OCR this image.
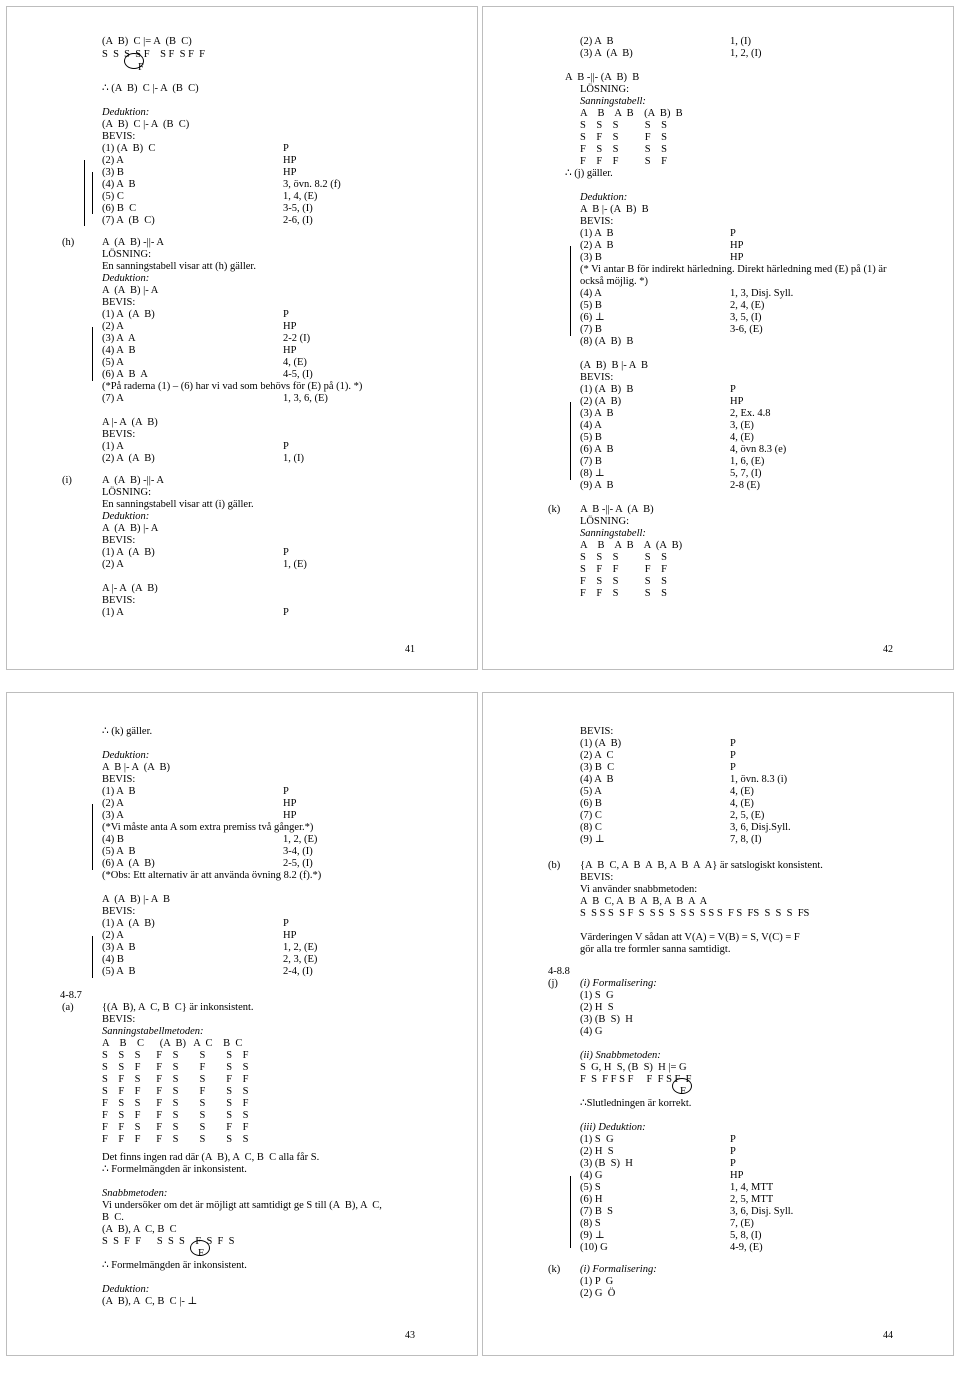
(A  B)  C |= A  (B  C)
S  S  S  S F    S F  S F  F
F
∴ (A  B)  C |- A  (B  C)
Deduktion:
(A  B)  C |- A  (B  C)
BEVIS:
(1) (A  B)  C	P
(2) A	HP
(3) B	HP
(4) A  B	3, övn. 8.2 (f)
(5) C	1, 4, (E)
(6) B  C	3-5, (I)
(7) A  (B  C)	2-6, (I)
(h)	A  (A  B) -||- A
LÖSNING:
En sanningstabell visar att (h) gäller.
Deduktion:
A  (A  B) |- A
BEVIS:
(1) A  (A  B)	P
(2) A	HP
(3) A  A	2-2 (I)
(4) A  B	HP
(5) A	4, (E)
(6) A  B  A	4-5, (I)
(*På raderna (1) – (6) har vi vad som behövs för (E) på (1). *)
(7) A	1, 3, 6, (E)
A |- A  (A  B)
BEVIS:
(1) A	P
(2) A  (A  B)	1, (I)
(i)	A  (A  B) -||- A
LÖSNING:
En sanningstabell visar att (i) gäller.
Deduktion:
A  (A  B) |- A
BEVIS:
(1) A  (A  B)	P
(2) A	1, (E)
A |- A  (A  B)
BEVIS:
(1) A	P
41
(2) A  B	1, (I)
(3) A  (A  B)	1, 2, (I)
A  B -||- (A  B)  B
LÖSNING:
Sanningstabell:
A    B    A  B    (A  B)  B
S    S    S          S    S
S    F    S          F    S
F    S    S          S    S
F    F    F          S    F
∴ (j) gäller.
Deduktion:
A  B |- (A  B)  B
BEVIS:
(1) A  B	P
(2) A  B	HP
(3) B	HP
(* Vi antar B för indirekt härledning. Direkt härledning med (E) på (1) är
också möjlig. *)
(4) A	1, 3, Disj. Syll.
(5) B	2, 4, (E)
(6) ⊥	3, 5, (I)
(7) B	3-6, (E)
(8) (A  B)  B
(A  B)  B |- A  B
BEVIS:
(1) (A  B)  B	P
(2) (A  B)	HP
(3) A  B	2, Ex. 4.8
(4) A	3, (E)
(5) B	4, (E)
(6) A  B	4, övn 8.3 (e)
(7) B	1, 6, (E)
(8) ⊥	5, 7, (I)
(9) A  B	2-8 (E)
(k) A  B -||- A  (A  B)
LÖSNING:
Sanningstabell:
A    B    A  B    A  (A  B)
S    S    S          S    S
S    F    F          F    F
F    S    S          S    S
F    F    S          S    S
42
∴ (k) gäller.
Deduktion:
A  B |- A  (A  B)
BEVIS:
(1) A  B	P
(2) A	HP
(3) A	HP
(*Vi måste anta A som extra premiss två gånger.*)
(4) B	1, 2, (E)
(5) A  B	3-4, (I)
(6) A  (A  B)	2-5, (I)
(*Obs: Ett alternativ är att använda övning 8.2 (f).*)
A  (A  B) |- A  B
BEVIS:
(1) A  (A  B)	P
(2) A	HP
(3) A  B	1, 2, (E)
(4) B	2, 3, (E)
(5) A  B	2-4, (I)
4-8.7
(a)	{(A  B), A  C, B  C} är inkonsistent.
BEVIS:
Sanningstabellmetoden:
A    B    C      (A  B)   A  C    B  C
S    S    S      F    S        S        S    F
S    S    F      F    S        F        S    S
S    F    S      F    S        S        F    F
S    F    F      F    S        F        S    S
F    S    S      F    S        S        S    F
F    S    F      F    S        S        S    S
F    F    S      F    S        S        F    F
F    F    F      F    S        S        S    S
Det finns ingen rad där (A  B), A  C, B  C alla får S.
∴ Formelmängden är inkonsistent.
Snabbmetoden:
Vi undersöker om det är möjligt att samtidigt ge S till (A  B), A  C,
B  C.
(A  B), A  C, B  C
S  S  F  F      S  S  S    F  S  F  S
F
∴ Formelmängden är inkonsistent.
Deduktion:
(A  B), A  C, B  C |- ⊥
43
BEVIS:
(1) (A  B)	P
(2) A  C	P
(3) B  C	P
(4) A  B	1, övn. 8.3 (i)
(5) A	4, (E)
(6) B	4, (E)
(7) C	2, 5, (E)
(8) C	3, 6, Disj.Syll.
(9) ⊥	7, 8, (I)
(b) {A  B  C, A  B  A  B, A  B  A  A} är satslogiskt konsistent.
BEVIS:
Vi använder snabbmetoden:
A  B  C, A  B  A  B, A  B  A  A
S  S S S  S F  S  S S  S  S S  S S S  F S  FS  S  S  S  FS
Värderingen V sådan att V(A) = V(B) = S, V(C) = F
gör alla tre formler sanna samtidigt.
4-8.8
(j) (i) Formalisering:
(1) S  G
(2) H  S
(3) (B  S)  H
(4) G
(ii) Snabbmetoden:
S  G, H  S, (B  S)  H |= G
F  S  F F S F     F  F S F  F
F
∴Slutledningen är korrekt.
(iii) Deduktion:
(1) S  G	P
(2) H  S	P
(3) (B  S)  H	P
(4) G	HP
(5) S	1, 4, MTT
(6) H	2, 5, MTT
(7) B  S	3, 6, Disj. Syll.
(8) S	7, (E)
(9) ⊥	5, 8, (I)
(10) G	4-9, (E)
(k) (i) Formalisering:
(1) P  G
(2) G  Ö
44
